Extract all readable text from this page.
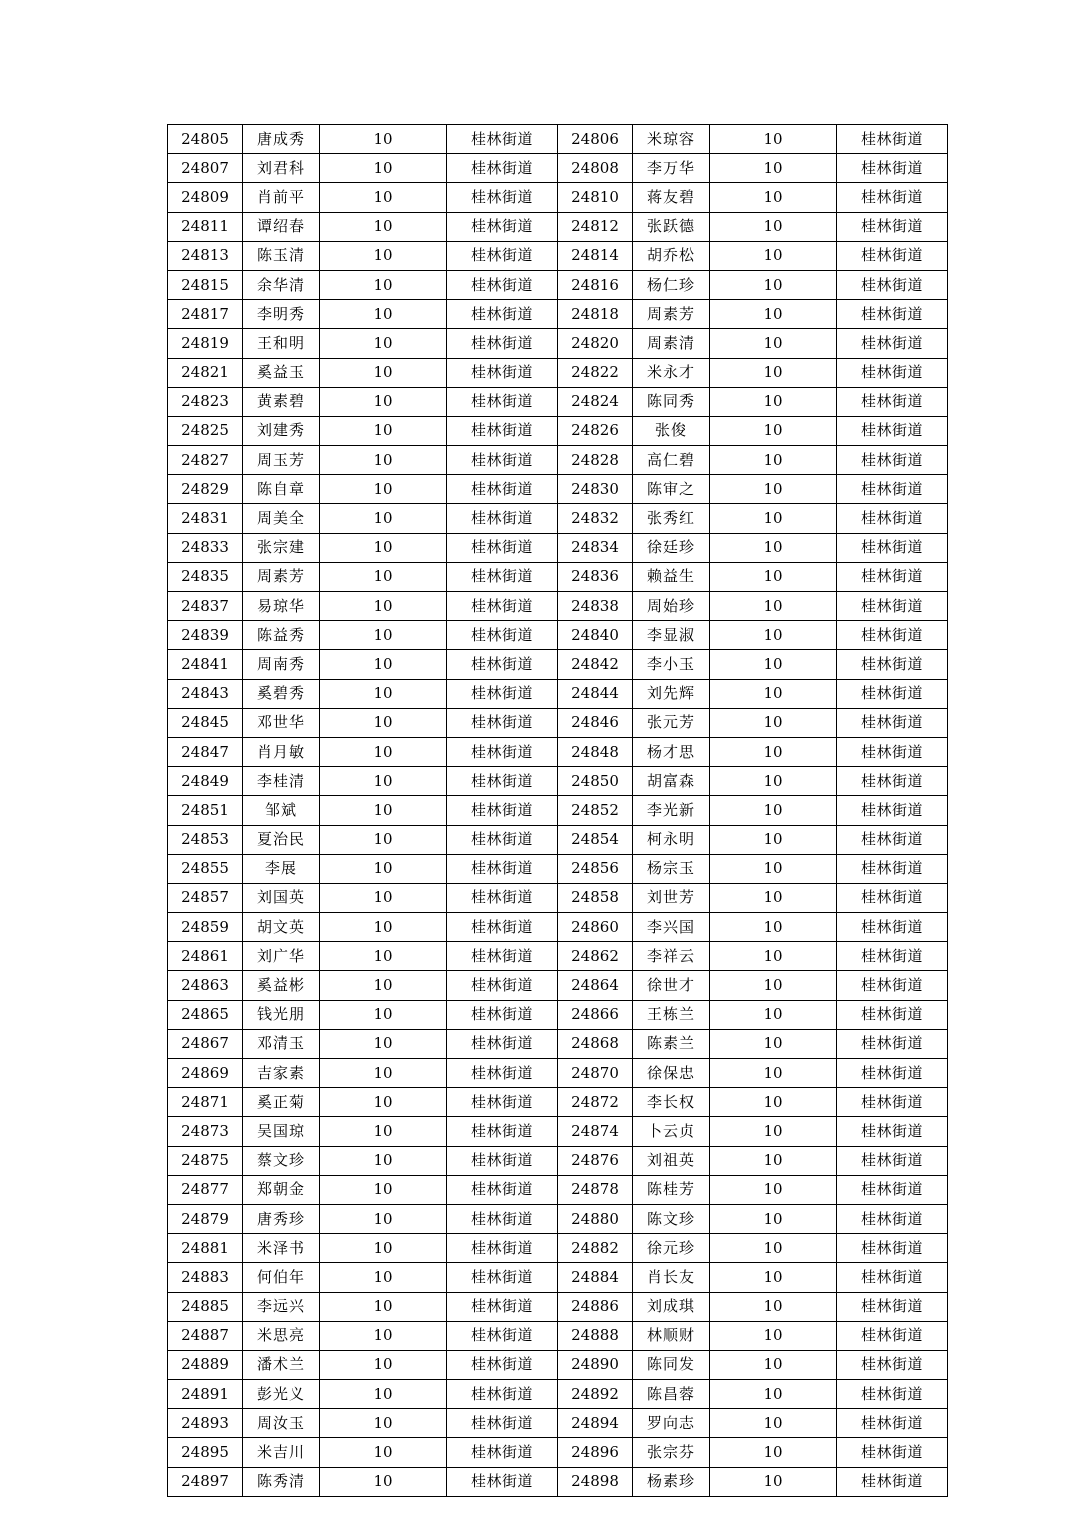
24805	唐成秀	10	桂林街道	24806	米琼容	10	桂林街道
24807	刘君科	10	桂林街道	24808	李万华	10	桂林街道
24809	肖前平	10	桂林街道	24810	蒋友碧	10	桂林街道
24811	谭绍春	10	桂林街道	24812	张跃德	10	桂林街道
24813	陈玉清	10	桂林街道	24814	胡乔松	10	桂林街道
24815	余华清	10	桂林街道	24816	杨仁珍	10	桂林街道
24817	李明秀	10	桂林街道	24818	周素芳	10	桂林街道
24819	王和明	10	桂林街道	24820	周素清	10	桂林街道
24821	奚益玉	10	桂林街道	24822	米永才	10	桂林街道
24823	黄素碧	10	桂林街道	24824	陈同秀	10	桂林街道
24825	刘建秀	10	桂林街道	24826	张俊	10	桂林街道
24827	周玉芳	10	桂林街道	24828	高仁碧	10	桂林街道
24829	陈自章	10	桂林街道	24830	陈审之	10	桂林街道
24831	周美全	10	桂林街道	24832	张秀红	10	桂林街道
24833	张宗建	10	桂林街道	24834	徐廷珍	10	桂林街道
24835	周素芳	10	桂林街道	24836	赖益生	10	桂林街道
24837	易琼华	10	桂林街道	24838	周始珍	10	桂林街道
24839	陈益秀	10	桂林街道	24840	李显淑	10	桂林街道
24841	周南秀	10	桂林街道	24842	李小玉	10	桂林街道
24843	奚碧秀	10	桂林街道	24844	刘先辉	10	桂林街道
24845	邓世华	10	桂林街道	24846	张元芳	10	桂林街道
24847	肖月敏	10	桂林街道	24848	杨才思	10	桂林街道
24849	李桂清	10	桂林街道	24850	胡富森	10	桂林街道
24851	邹斌	10	桂林街道	24852	李光新	10	桂林街道
24853	夏治民	10	桂林街道	24854	柯永明	10	桂林街道
24855	李展	10	桂林街道	24856	杨宗玉	10	桂林街道
24857	刘国英	10	桂林街道	24858	刘世芳	10	桂林街道
24859	胡文英	10	桂林街道	24860	李兴国	10	桂林街道
24861	刘广华	10	桂林街道	24862	李祥云	10	桂林街道
24863	奚益彬	10	桂林街道	24864	徐世才	10	桂林街道
24865	钱光朋	10	桂林街道	24866	王栋兰	10	桂林街道
24867	邓清玉	10	桂林街道	24868	陈素兰	10	桂林街道
24869	吉家素	10	桂林街道	24870	徐保忠	10	桂林街道
24871	奚正菊	10	桂林街道	24872	李长权	10	桂林街道
24873	吴国琼	10	桂林街道	24874	卜云贞	10	桂林街道
24875	蔡文珍	10	桂林街道	24876	刘祖英	10	桂林街道
24877	郑朝金	10	桂林街道	24878	陈桂芳	10	桂林街道
24879	唐秀珍	10	桂林街道	24880	陈文珍	10	桂林街道
24881	米泽书	10	桂林街道	24882	徐元珍	10	桂林街道
24883	何伯年	10	桂林街道	24884	肖长友	10	桂林街道
24885	李远兴	10	桂林街道	24886	刘成琪	10	桂林街道
24887	米思亮	10	桂林街道	24888	林顺财	10	桂林街道
24889	潘术兰	10	桂林街道	24890	陈同发	10	桂林街道
24891	彭光义	10	桂林街道	24892	陈昌蓉	10	桂林街道
24893	周汝玉	10	桂林街道	24894	罗向志	10	桂林街道
24895	米吉川	10	桂林街道	24896	张宗芬	10	桂林街道
24897	陈秀清	10	桂林街道	24898	杨素珍	10	桂林街道
